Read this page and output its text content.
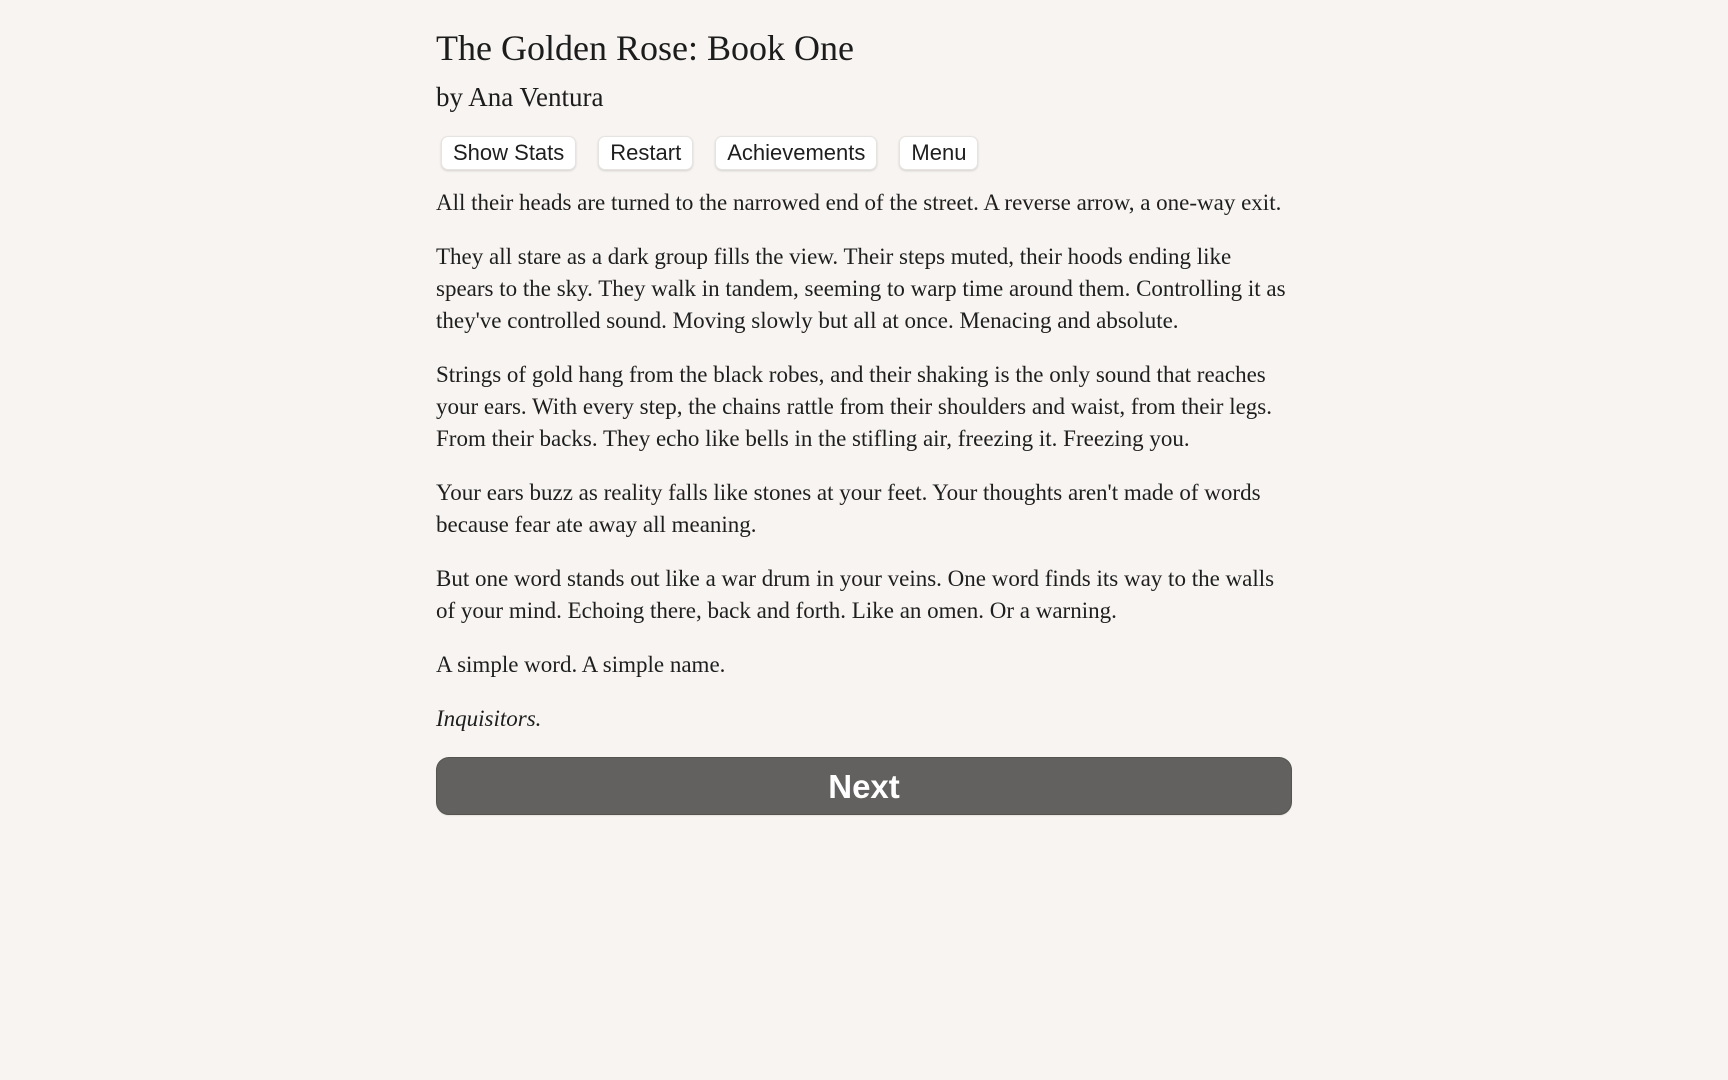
The Golden Rose: Book One
by Ana Ventura
Show Stats	Restart	Achievements	Menu

All their heads are turned to the narrowed end of the street. A reverse arrow, a one-way exit.

They all stare as a dark group fills the view. Their steps muted, their hoods ending like spears to the sky. They walk in tandem, seeming to warp time around them. Controlling it as they've controlled sound. Moving slowly but all at once. Menacing and absolute.

Strings of gold hang from the black robes, and their shaking is the only sound that reaches your ears. With every step, the chains rattle from their shoulders and waist, from their legs. From their backs. They echo like bells in the stifling air, freezing it. Freezing you.

Your ears buzz as reality falls like stones at your feet. Your thoughts aren't made of words because fear ate away all meaning.

But one word stands out like a war drum in your veins. One word finds its way to the walls of your mind. Echoing there, back and forth. Like an omen. Or a warning.

A simple word. A simple name.

Inquisitors.

Next
